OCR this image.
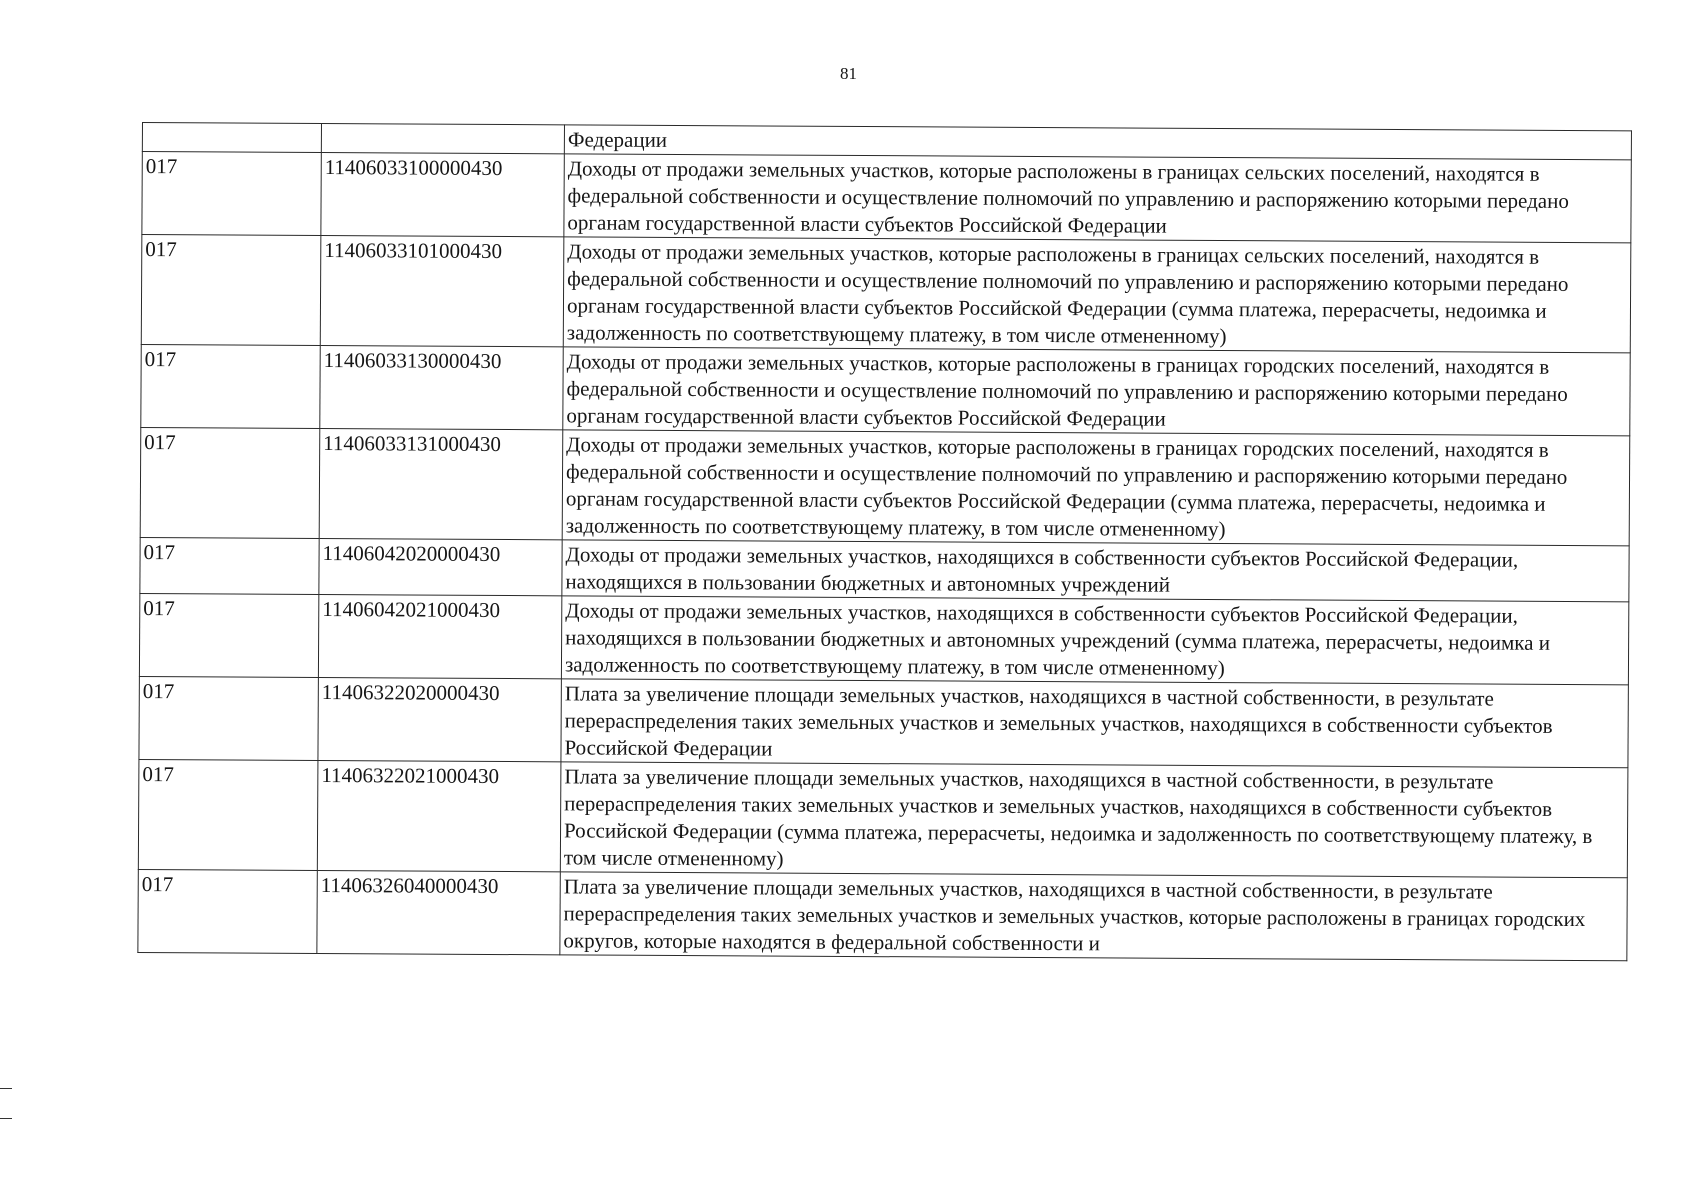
81
		Федерации
017	11406033100000430	Доходы от продажи земельных участков, которые расположены в границах сельских поселений, находятся в федеральной собственности и осуществление полномочий по управлению и распоряжению которыми передано органам государственной власти субъектов Российской Федерации
017	11406033101000430	Доходы от продажи земельных участков, которые расположены в границах сельских поселений, находятся в федеральной собственности и осуществление полномочий по управлению и распоряжению которыми передано органам государственной власти субъектов Российской Федерации (сумма платежа, перерасчеты, недоимка и задолженность по соответствующему платежу, в том числе отмененному)
017	11406033130000430	Доходы от продажи земельных участков, которые расположены в границах городских поселений, находятся в федеральной собственности и осуществление полномочий по управлению и распоряжению которыми передано органам государственной власти субъектов Российской Федерации
017	11406033131000430	Доходы от продажи земельных участков, которые расположены в границах городских поселений, находятся в федеральной собственности и осуществление полномочий по управлению и распоряжению которыми передано органам государственной власти субъектов Российской Федерации (сумма платежа, перерасчеты, недоимка и задолженность по соответствующему платежу, в том числе отмененному)
017	11406042020000430	Доходы от продажи земельных участков, находящихся в собственности субъектов Российской Федерации, находящихся в пользовании бюджетных и автономных учреждений
017	11406042021000430	Доходы от продажи земельных участков, находящихся в собственности субъектов Российской Федерации, находящихся в пользовании бюджетных и автономных учреждений (сумма платежа, перерасчеты, недоимка и задолженность по соответствующему платежу, в том числе отмененному)
017	11406322020000430	Плата за увеличение площади земельных участков, находящихся в частной собственности, в результате перераспределения таких земельных участков и земельных участков, находящихся в собственности субъектов Российской Федерации
017	11406322021000430	Плата за увеличение площади земельных участков, находящихся в частной собственности, в результате перераспределения таких земельных участков и земельных участков, находящихся в собственности субъектов Российской Федерации (сумма платежа, перерасчеты, недоимка и задолженность по соответствующему платежу, в том числе отмененному)
017	11406326040000430	Плата за увеличение площади земельных участков, находящихся в частной собственности, в результате перераспределения таких земельных участков и земельных участков, которые расположены в границах городских округов, которые находятся в федеральной собственности и
